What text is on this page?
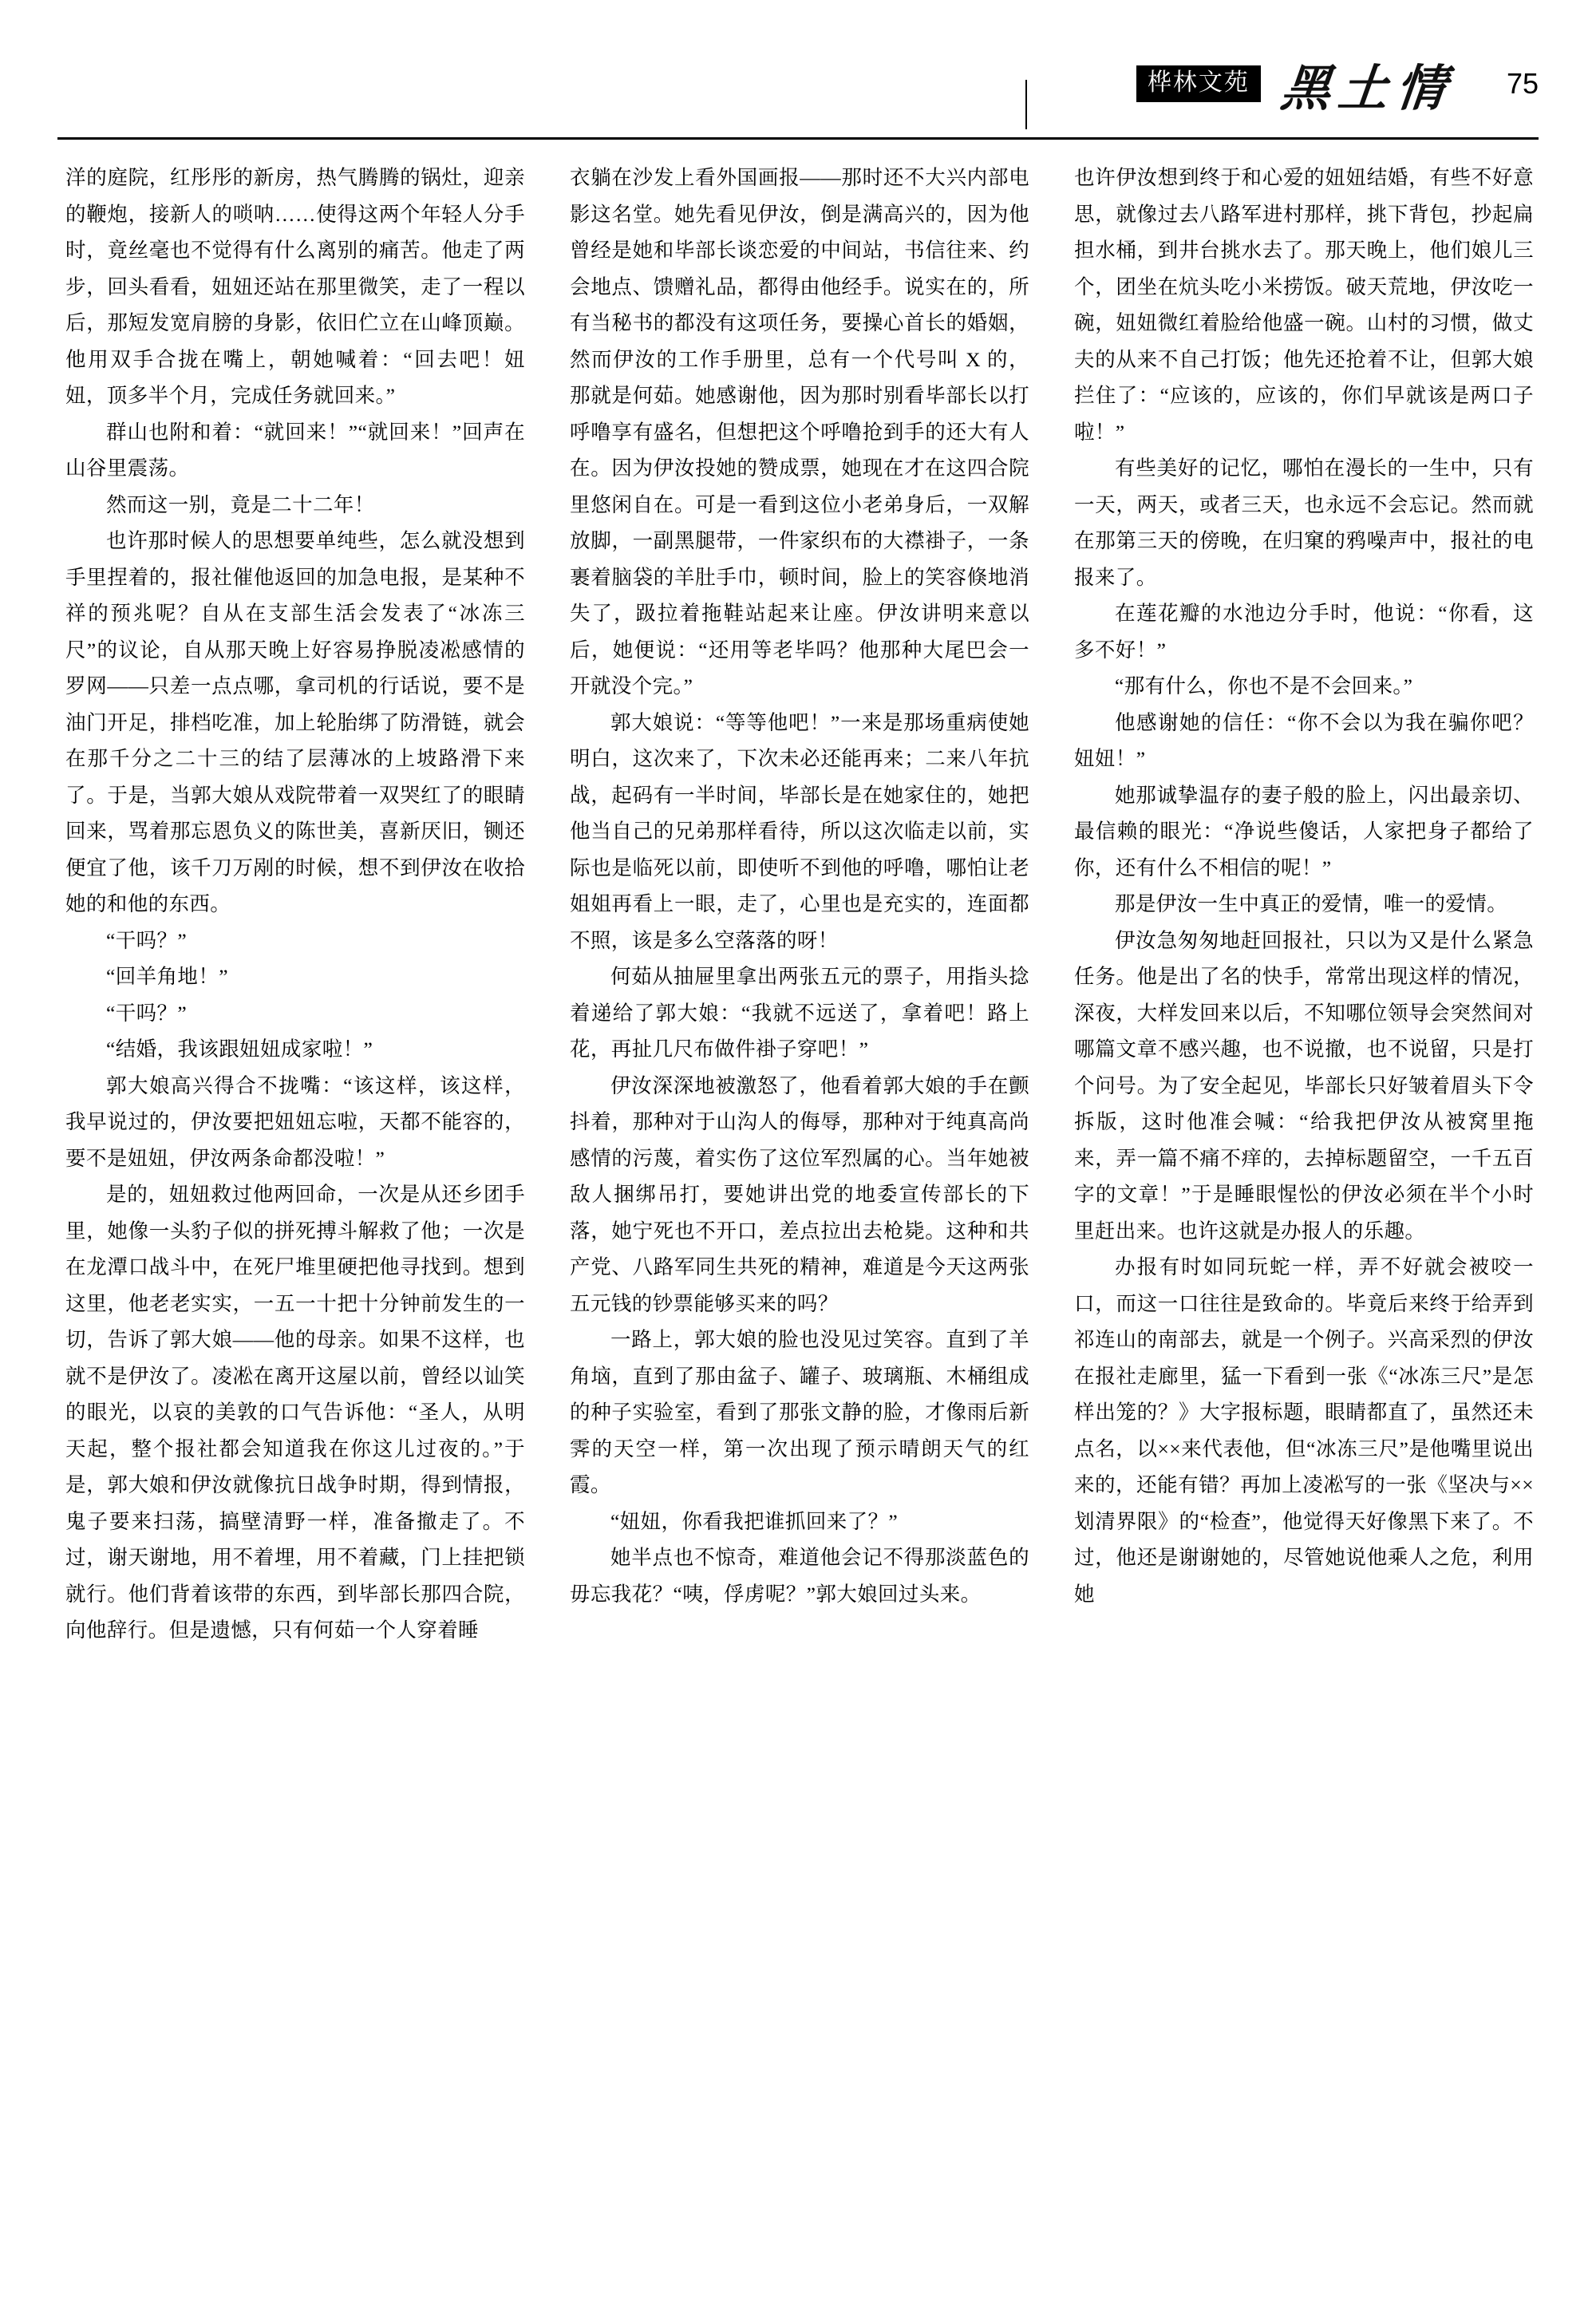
桦林文苑 黑土情 75

洋的庭院，红彤彤的新房，热气腾腾的锅灶，迎亲的鞭炮，接新人的唢呐……使得这两个年轻人分手时，竟丝毫也不觉得有什么离别的痛苦。他走了两步，回头看看，妞妞还站在那里微笑，走了一程以后，那短发宽肩膀的身影，依旧伫立在山峰顶巅。他用双手合拢在嘴上，朝她喊着：“回去吧！妞妞，顶多半个月，完成任务就回来。”

群山也附和着：“就回来！”“就回来！”回声在山谷里震荡。

然而这一别，竟是二十二年！

也许那时候人的思想要单纯些，怎么就没想到手里捏着的，报社催他返回的加急电报，是某种不祥的预兆呢？自从在支部生活会发表了“冰冻三尺”的议论，自从那天晚上好容易挣脱凌凇感情的罗网——只差一点点哪，拿司机的行话说，要不是油门开足，排档吃准，加上轮胎绑了防滑链，就会在那千分之二十三的结了层薄冰的上坡路滑下来了。于是，当郭大娘从戏院带着一双哭红了的眼睛回来，骂着那忘恩负义的陈世美，喜新厌旧，铡还便宜了他，该千刀万剐的时候，想不到伊汝在收拾她的和他的东西。

“干吗？”

“回羊角地！”

“干吗？”

“结婚，我该跟妞妞成家啦！”

郭大娘高兴得合不拢嘴：“该这样，该这样，我早说过的，伊汝要把妞妞忘啦，天都不能容的，要不是妞妞，伊汝两条命都没啦！”

是的，妞妞救过他两回命，一次是从还乡团手里，她像一头豹子似的拼死搏斗解救了他；一次是在龙潭口战斗中，在死尸堆里硬把他寻找到。想到这里，他老老实实，一五一十把十分钟前发生的一切，告诉了郭大娘——他的母亲。如果不这样，也就不是伊汝了。凌凇在离开这屋以前，曾经以讪笑的眼光，以哀的美敦的口气告诉他：“圣人，从明天起，整个报社都会知道我在你这儿过夜的。”于是，郭大娘和伊汝就像抗日战争时期，得到情报，鬼子要来扫荡，搞壁清野一样，准备撤走了。不过，谢天谢地，用不着埋，用不着藏，门上挂把锁就行。他们背着该带的东西，到毕部长那四合院，向他辞行。但是遗憾，只有何茹一个人穿着睡

衣躺在沙发上看外国画报——那时还不大兴内部电影这名堂。她先看见伊汝，倒是满高兴的，因为他曾经是她和毕部长谈恋爱的中间站，书信往来、约会地点、馈赠礼品，都得由他经手。说实在的，所有当秘书的都没有这项任务，要操心首长的婚姻，然而伊汝的工作手册里，总有一个代号叫 X 的，那就是何茹。她感谢他，因为那时别看毕部长以打呼噜享有盛名，但想把这个呼噜抢到手的还大有人在。因为伊汝投她的赞成票，她现在才在这四合院里悠闲自在。可是一看到这位小老弟身后，一双解放脚，一副黑腿带，一件家织布的大襟褂子，一条裹着脑袋的羊肚手巾，顿时间，脸上的笑容倏地消失了，趿拉着拖鞋站起来让座。伊汝讲明来意以后，她便说：“还用等老毕吗？他那种大尾巴会一开就没个完。”

郭大娘说：“等等他吧！”一来是那场重病使她明白，这次来了，下次未必还能再来；二来八年抗战，起码有一半时间，毕部长是在她家住的，她把他当自己的兄弟那样看待，所以这次临走以前，实际也是临死以前，即使听不到他的呼噜，哪怕让老姐姐再看上一眼，走了，心里也是充实的，连面都不照，该是多么空落落的呀！

何茹从抽屉里拿出两张五元的票子，用指头捻着递给了郭大娘：“我就不远送了，拿着吧！路上花，再扯几尺布做件褂子穿吧！”

伊汝深深地被激怒了，他看着郭大娘的手在颤抖着，那种对于山沟人的侮辱，那种对于纯真高尚感情的污蔑，着实伤了这位军烈属的心。当年她被敌人捆绑吊打，要她讲出党的地委宣传部长的下落，她宁死也不开口，差点拉出去枪毙。这种和共产党、八路军同生共死的精神，难道是今天这两张五元钱的钞票能够买来的吗？

一路上，郭大娘的脸也没见过笑容。直到了羊角垴，直到了那由盆子、罐子、玻璃瓶、木桶组成的种子实验室，看到了那张文静的脸，才像雨后新霁的天空一样，第一次出现了预示晴朗天气的红霞。

“妞妞，你看我把谁抓回来了？”

她半点也不惊奇，难道他会记不得那淡蓝色的毋忘我花？“咦，俘虏呢？”郭大娘回过头来。

也许伊汝想到终于和心爱的妞妞结婚，有些不好意思，就像过去八路军进村那样，挑下背包，抄起扁担水桶，到井台挑水去了。那天晚上，他们娘儿三个，团坐在炕头吃小米捞饭。破天荒地，伊汝吃一碗，妞妞微红着脸给他盛一碗。山村的习惯，做丈夫的从来不自己打饭；他先还抢着不让，但郭大娘拦住了：“应该的，应该的，你们早就该是两口子啦！”

有些美好的记忆，哪怕在漫长的一生中，只有一天，两天，或者三天，也永远不会忘记。然而就在那第三天的傍晚，在归窠的鸦噪声中，报社的电报来了。

在莲花瓣的水池边分手时，他说：“你看，这多不好！”

“那有什么，你也不是不会回来。”

他感谢她的信任：“你不会以为我在骗你吧？妞妞！”

她那诚挚温存的妻子般的脸上，闪出最亲切、最信赖的眼光：“净说些傻话，人家把身子都给了你，还有什么不相信的呢！”

那是伊汝一生中真正的爱情，唯一的爱情。

伊汝急匆匆地赶回报社，只以为又是什么紧急任务。他是出了名的快手，常常出现这样的情况，深夜，大样发回来以后，不知哪位领导会突然间对哪篇文章不感兴趣，也不说撤，也不说留，只是打个问号。为了安全起见，毕部长只好皱着眉头下令拆版，这时他准会喊：“给我把伊汝从被窝里拖来，弄一篇不痛不痒的，去掉标题留空，一千五百字的文章！”于是睡眼惺忪的伊汝必须在半个小时里赶出来。也许这就是办报人的乐趣。

办报有时如同玩蛇一样，弄不好就会被咬一口，而这一口往往是致命的。毕竟后来终于给弄到祁连山的南部去，就是一个例子。兴高采烈的伊汝在报社走廊里，猛一下看到一张《“冰冻三尺”是怎样出笼的？》大字报标题，眼睛都直了，虽然还未点名，以××来代表他，但“冰冻三尺”是他嘴里说出来的，还能有错？再加上凌凇写的一张《坚决与××划清界限》的“检查”，他觉得天好像黑下来了。不过，他还是谢谢她的，尽管她说他乘人之危，利用她
